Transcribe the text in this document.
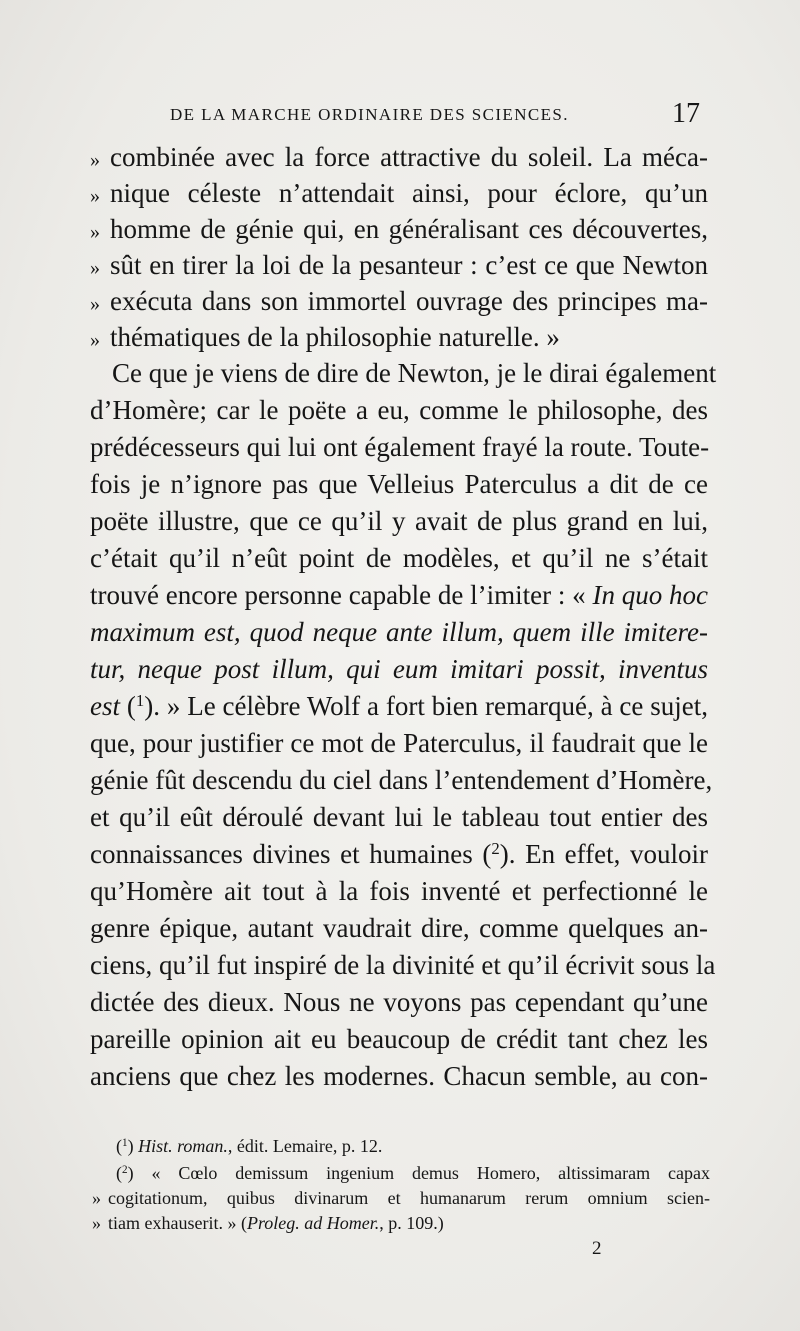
DE LA MARCHE ORDINAIRE DES SCIENCES.	17
» combinée avec la force attractive du soleil. La méca-
» nique céleste n’attendait ainsi, pour éclore, qu’un
» homme de génie qui, en généralisant ces découvertes,
» sût en tirer la loi de la pesanteur : c’est ce que Newton
» exécuta dans son immortel ouvrage des principes ma-
» thématiques de la philosophie naturelle. »
Ce que je viens de dire de Newton, je le dirai également
d’Homère; car le poëte a eu, comme le philosophe, des
prédécesseurs qui lui ont également frayé la route. Toute-
fois je n’ignore pas que Velleius Paterculus a dit de ce
poëte illustre, que ce qu’il y avait de plus grand en lui,
c’était qu’il n’eût point de modèles, et qu’il ne s’était
trouvé encore personne capable de l’imiter : « In quo hoc
maximum est, quod neque ante illum, quem ille imitere-
tur, neque post illum, qui eum imitari possit, inventus
est ($^1$). » Le célèbre Wolf a fort bien remarqué, à ce sujet,
que, pour justifier ce mot de Paterculus, il faudrait que le
génie fût descendu du ciel dans l’entendement d’Homère,
et qu’il eût déroulé devant lui le tableau tout entier des
connaissances divines et humaines ($^2$). En effet, vouloir
qu’Homère ait tout à la fois inventé et perfectionné le
genre épique, autant vaudrait dire, comme quelques an-
ciens, qu’il fut inspiré de la divinité et qu’il écrivit sous la
dictée des dieux. Nous ne voyons pas cependant qu’une
pareille opinion ait eu beaucoup de crédit tant chez les
anciens que chez les modernes. Chacun semble, au con-
($^1$) Hist. roman., édit. Lemaire, p. 12.
($^2$) « Cœlo demissum ingenium demus Homero, altissimaram capax
» cogitationum, quibus divinarum et humanarum rerum omnium scien-
» tiam exhauserit. » (Proleg. ad Homer., p. 109.)
2
